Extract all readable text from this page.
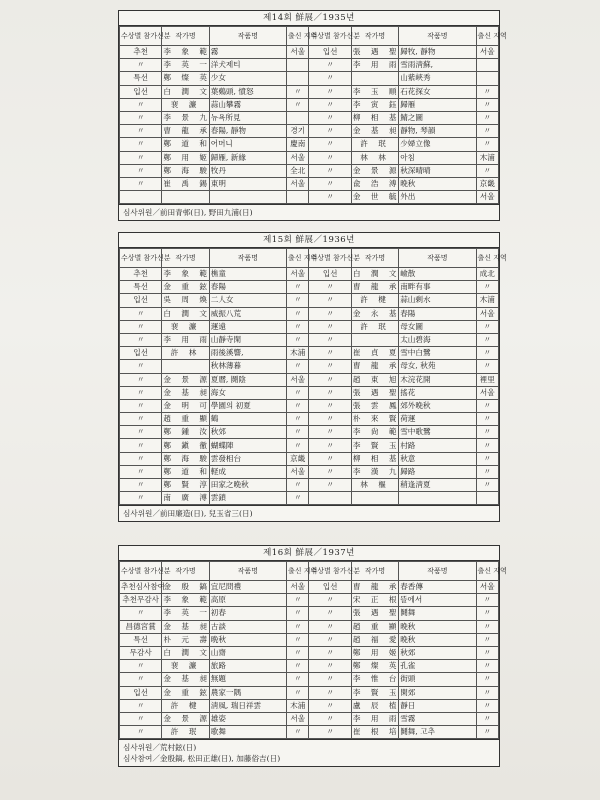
제14회 鮮展／1935년
수상별 참가신분	작가명	작품명	출신 지역	수상별 참가신분	작가명	작품명	출신 지역
추천	李 象 範	霧	서울	입선	張 遇 聖	歸牧, 靜物	서울
〃	李 英 一	洋犬제티		〃	李 用 雨	雪雨淸蘇,	
특선	鄭 燦 英	少女		〃		山紫峽秀	
입선	白 潤 文	葉鷄頭, 憤怒	〃	〃	李 玉 順	石花探女	〃
〃	裵 濂	蒜山攀霧	〃	〃	李 寅 鈺	歸雁	〃
〃	李 景 九	뉴욕所見		〃	柳 相 基	鯖之圖	〃
〃	曺 龍 承	春陽, 靜物	경기	〃	金 基 昶	靜物, 琴韻	〃
〃	鄭 道 和	어머니	慶南	〃	許 珉	少婦立像	〃
〃	鄭 用 姬	歸雁, 新緣	서울	〃	林 林	아침	木浦
〃	鄭 海 駿	牧丹	全北	〃	金 景 源	秋深晴晴	〃
〃	崔 禹 錫	東明	서울	〃	兪 浩 溥	晩秋	京畿
				〃	金 世 毓	外出	서울
심사위원／前田青邨(日), 野田九浦(日)
제15회 鮮展／1936년
수상별 참가신분	작가명	작품명	출신 지역	수상별 참가신분	작가명	작품명	출신 지역
추천	李 象 範	樵童	서울	입선	白 潤 文	嶮散	成北
특선	金 重 鉉	春陽	〃	〃	曺 龍 承	南畔有事	〃
입선	吳 周 煥	二人女	〃	〃	許 楗	蒜山剩水	木浦
〃	白 潤 文	威振八荒	〃	〃	金 永 基	春陽	서울
〃	裵 濂	運遠	〃	〃	許 珉	母女圖	〃
〃	李 用 雨	山靜寺閑	〃	〃		太山碧海	〃
입선	許 林	雨後溪響,	木浦	〃	崔 貞 夏	雪中白鷺	〃
〃		秋林薄暮	〃	〃	曺 龍 承	母女, 秋苑	〃
〃	金 景 源	夏曆, 鬪陰	서울	〃	趙 東 旭	木浣花開	裡里
〃	金 基 昶	海女	〃	〃	張 遇 聖	搖花	서울
〃	金 明 可	學園의 初夏	〃	〃	張 雲 鳳	郊外晩秋	〃
〃	趙 重 顯	鶴	〃	〃	朴 來 賢	荷運	〃
〃	鄭 鍾 汝	秋郊	〃	〃	李 尙 範	雪中歌鷺	〃
〃	鄭 鎭 徹	蝴蝶陣	〃	〃	李 賢 玉	村路	〃
〃	鄭 海 駿	雲發相台	京畿	〃	柳 相 基	秋意	〃
〃	鄭 道 和	軽成	서울	〃	李 漢 九	歸路	〃
〃	鄭 賢 淳	田家之晩秋	〃	〃	林 樞	稍逢淸夏	〃
〃	南 廣 溥	雲鎖	〃				
심사위원／前田廉造(日), 兒玉省三(日)
제16회 鮮展／1937년
수상별 참가신분	작가명	작품명	출신 지역	수상별 참가신분	작가명	작품명	출신 지역
추천심사참여	金 殷 鎬	宜尼問禮	서울	입선	曺 龍 承	春香傳	서울
추천무감사	李 象 範	高原	〃	〃	宋 正 根	뜰에서	〃
〃	李 英 一	初春	〃	〃	張 遇 聖	鬪舞	〃
昌德宮賞	金 基 昶	古談	〃	〃	趙 重 顯	晩秋	〃
특선	朴 元 壽	晩秋	〃	〃	趙 福 愛	晩秋	〃
무감사	白 潤 文	山齋	〃	〃	鄭 用 姬	秋郊	〃
〃	裵 濂	旅路	〃	〃	鄭 燦 英	孔雀	〃
〃	金 基 昶	無題	〃	〃	李 惟 台	街頭	〃
입선	金 重 鉉	農家一隅	〃	〃	李 賢 玉	閑郊	〃
〃	許 楗	淸風, 瑞日祥雲	木浦	〃	盧 辰 植	靜日	〃
〃	金 景 源	雄姿	서울	〃	李 用 雨	雪霧	〃
〃	許 珉	歌舞	〃	〃	崔 根 培	鬪舞, 고추	〃
심사위원／荒村鉉(日)
심사참여／金殷鎬, 松田正雄(日), 加藤俗吉(日)
